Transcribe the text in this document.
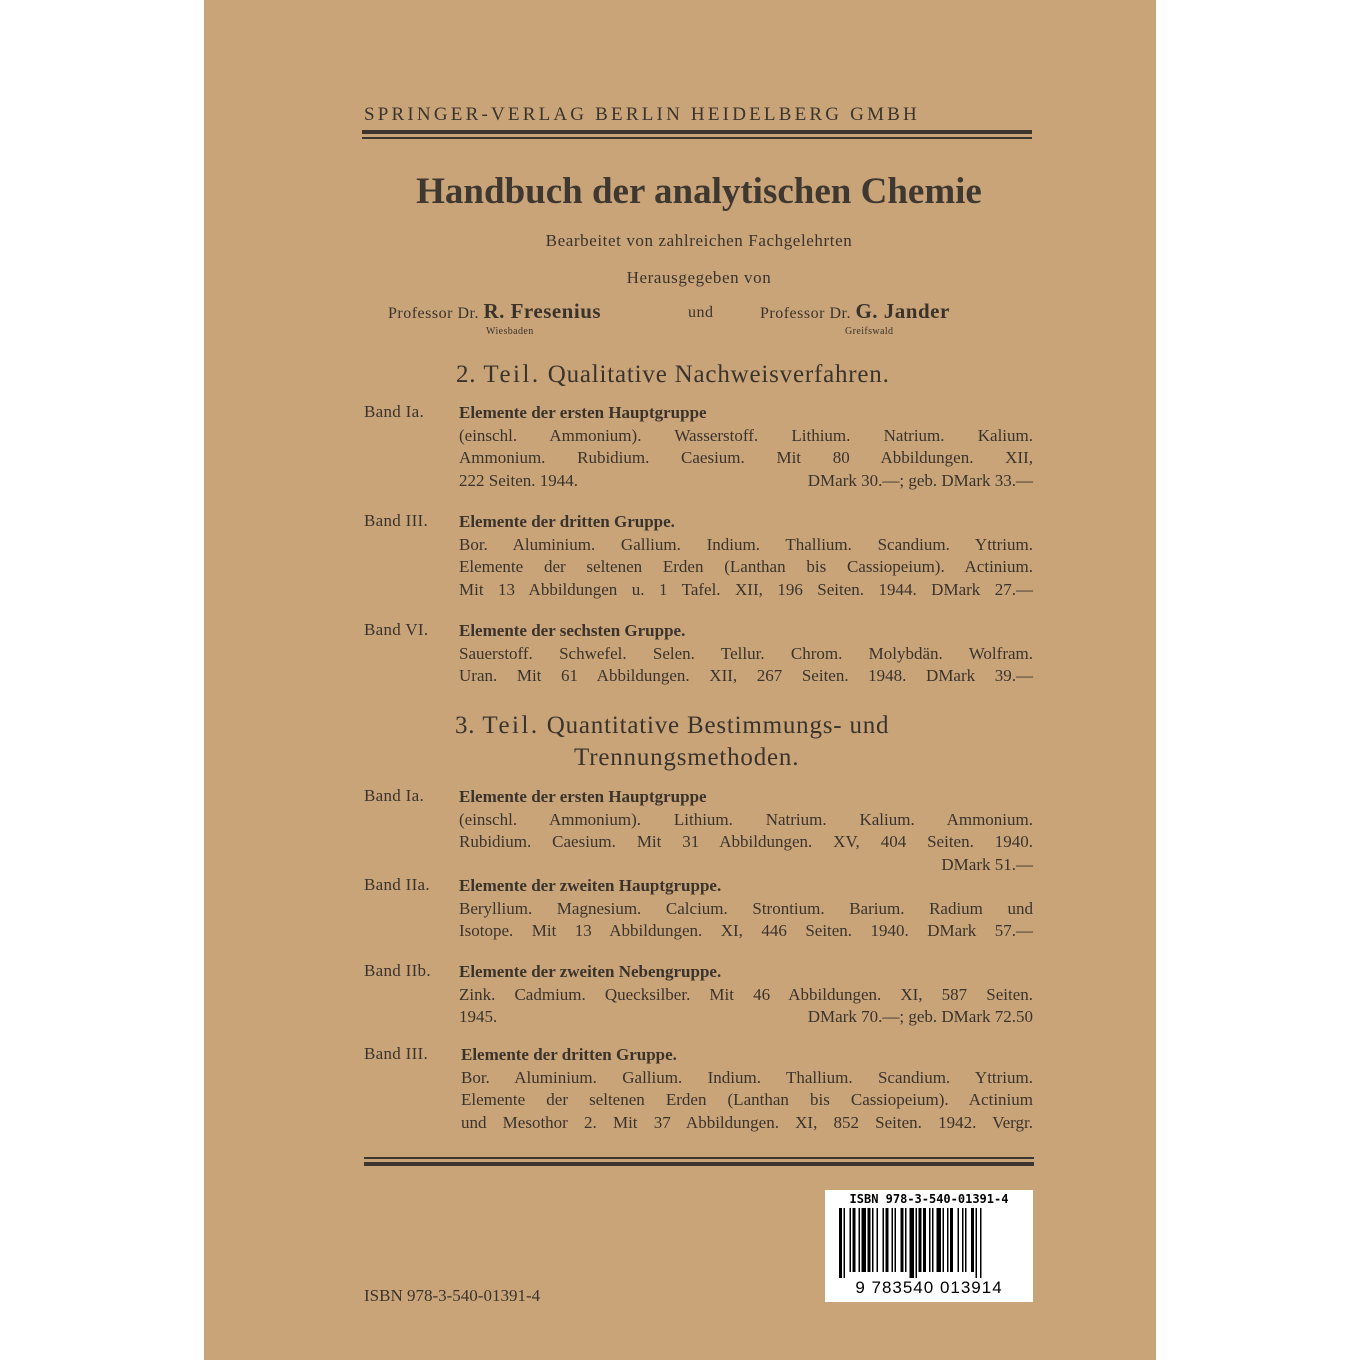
SPRINGER-VERLAG BERLIN HEIDELBERG GMBH
Handbuch der analytischen Chemie
Bearbeitet von zahlreichen Fachgelehrten
Herausgegeben von
Professor Dr. R. Fresenius
Wiesbaden
und	Professor Dr. G. Jander
Greifswald
2. Teil. Qualitative Nachweisverfahren.
Band Ia. Elemente der ersten Hauptgruppe
(einschl. Ammonium). Wasserstoff. Lithium. Natrium. Kalium.
Ammonium. Rubidium. Caesium. Mit 80 Abbildungen. XII,
222 Seiten. 1944.	DMark 30.—; geb. DMark 33.—
Band III. Elemente der dritten Gruppe.
Bor. Aluminium. Gallium. Indium. Thallium. Scandium. Yttrium.
Elemente der seltenen Erden (Lanthan bis Cassiopeium). Actinium.
Mit 13 Abbildungen u. 1 Tafel. XII, 196 Seiten. 1944. DMark 27.—
Band VI. Elemente der sechsten Gruppe.
Sauerstoff. Schwefel. Selen. Tellur. Chrom. Molybdän. Wolfram.
Uran. Mit 61 Abbildungen. XII, 267 Seiten. 1948. DMark 39.—
3. Teil. Quantitative Bestimmungs- und
Trennungsmethoden.
Band Ia. Elemente der ersten Hauptgruppe
(einschl. Ammonium). Lithium. Natrium. Kalium. Ammonium.
Rubidium. Caesium. Mit 31 Abbildungen. XV, 404 Seiten. 1940.
DMark 51.—
Band IIa. Elemente der zweiten Hauptgruppe.
Beryllium. Magnesium. Calcium. Strontium. Barium. Radium und
Isotope. Mit 13 Abbildungen. XI, 446 Seiten. 1940. DMark 57.—
Band IIb. Elemente der zweiten Nebengruppe.
Zink. Cadmium. Quecksilber. Mit 46 Abbildungen. XI, 587 Seiten.
1945.	DMark 70.—; geb. DMark 72.50
Band III. Elemente der dritten Gruppe.
Bor. Aluminium. Gallium. Indium. Thallium. Scandium. Yttrium.
Elemente der seltenen Erden (Lanthan bis Cassiopeium). Actinium
und Mesothor 2. Mit 37 Abbildungen. XI, 852 Seiten. 1942. Vergr.
ISBN 978-3-540-01391-4
9 783540 013914
ISBN 978-3-540-01391-4
